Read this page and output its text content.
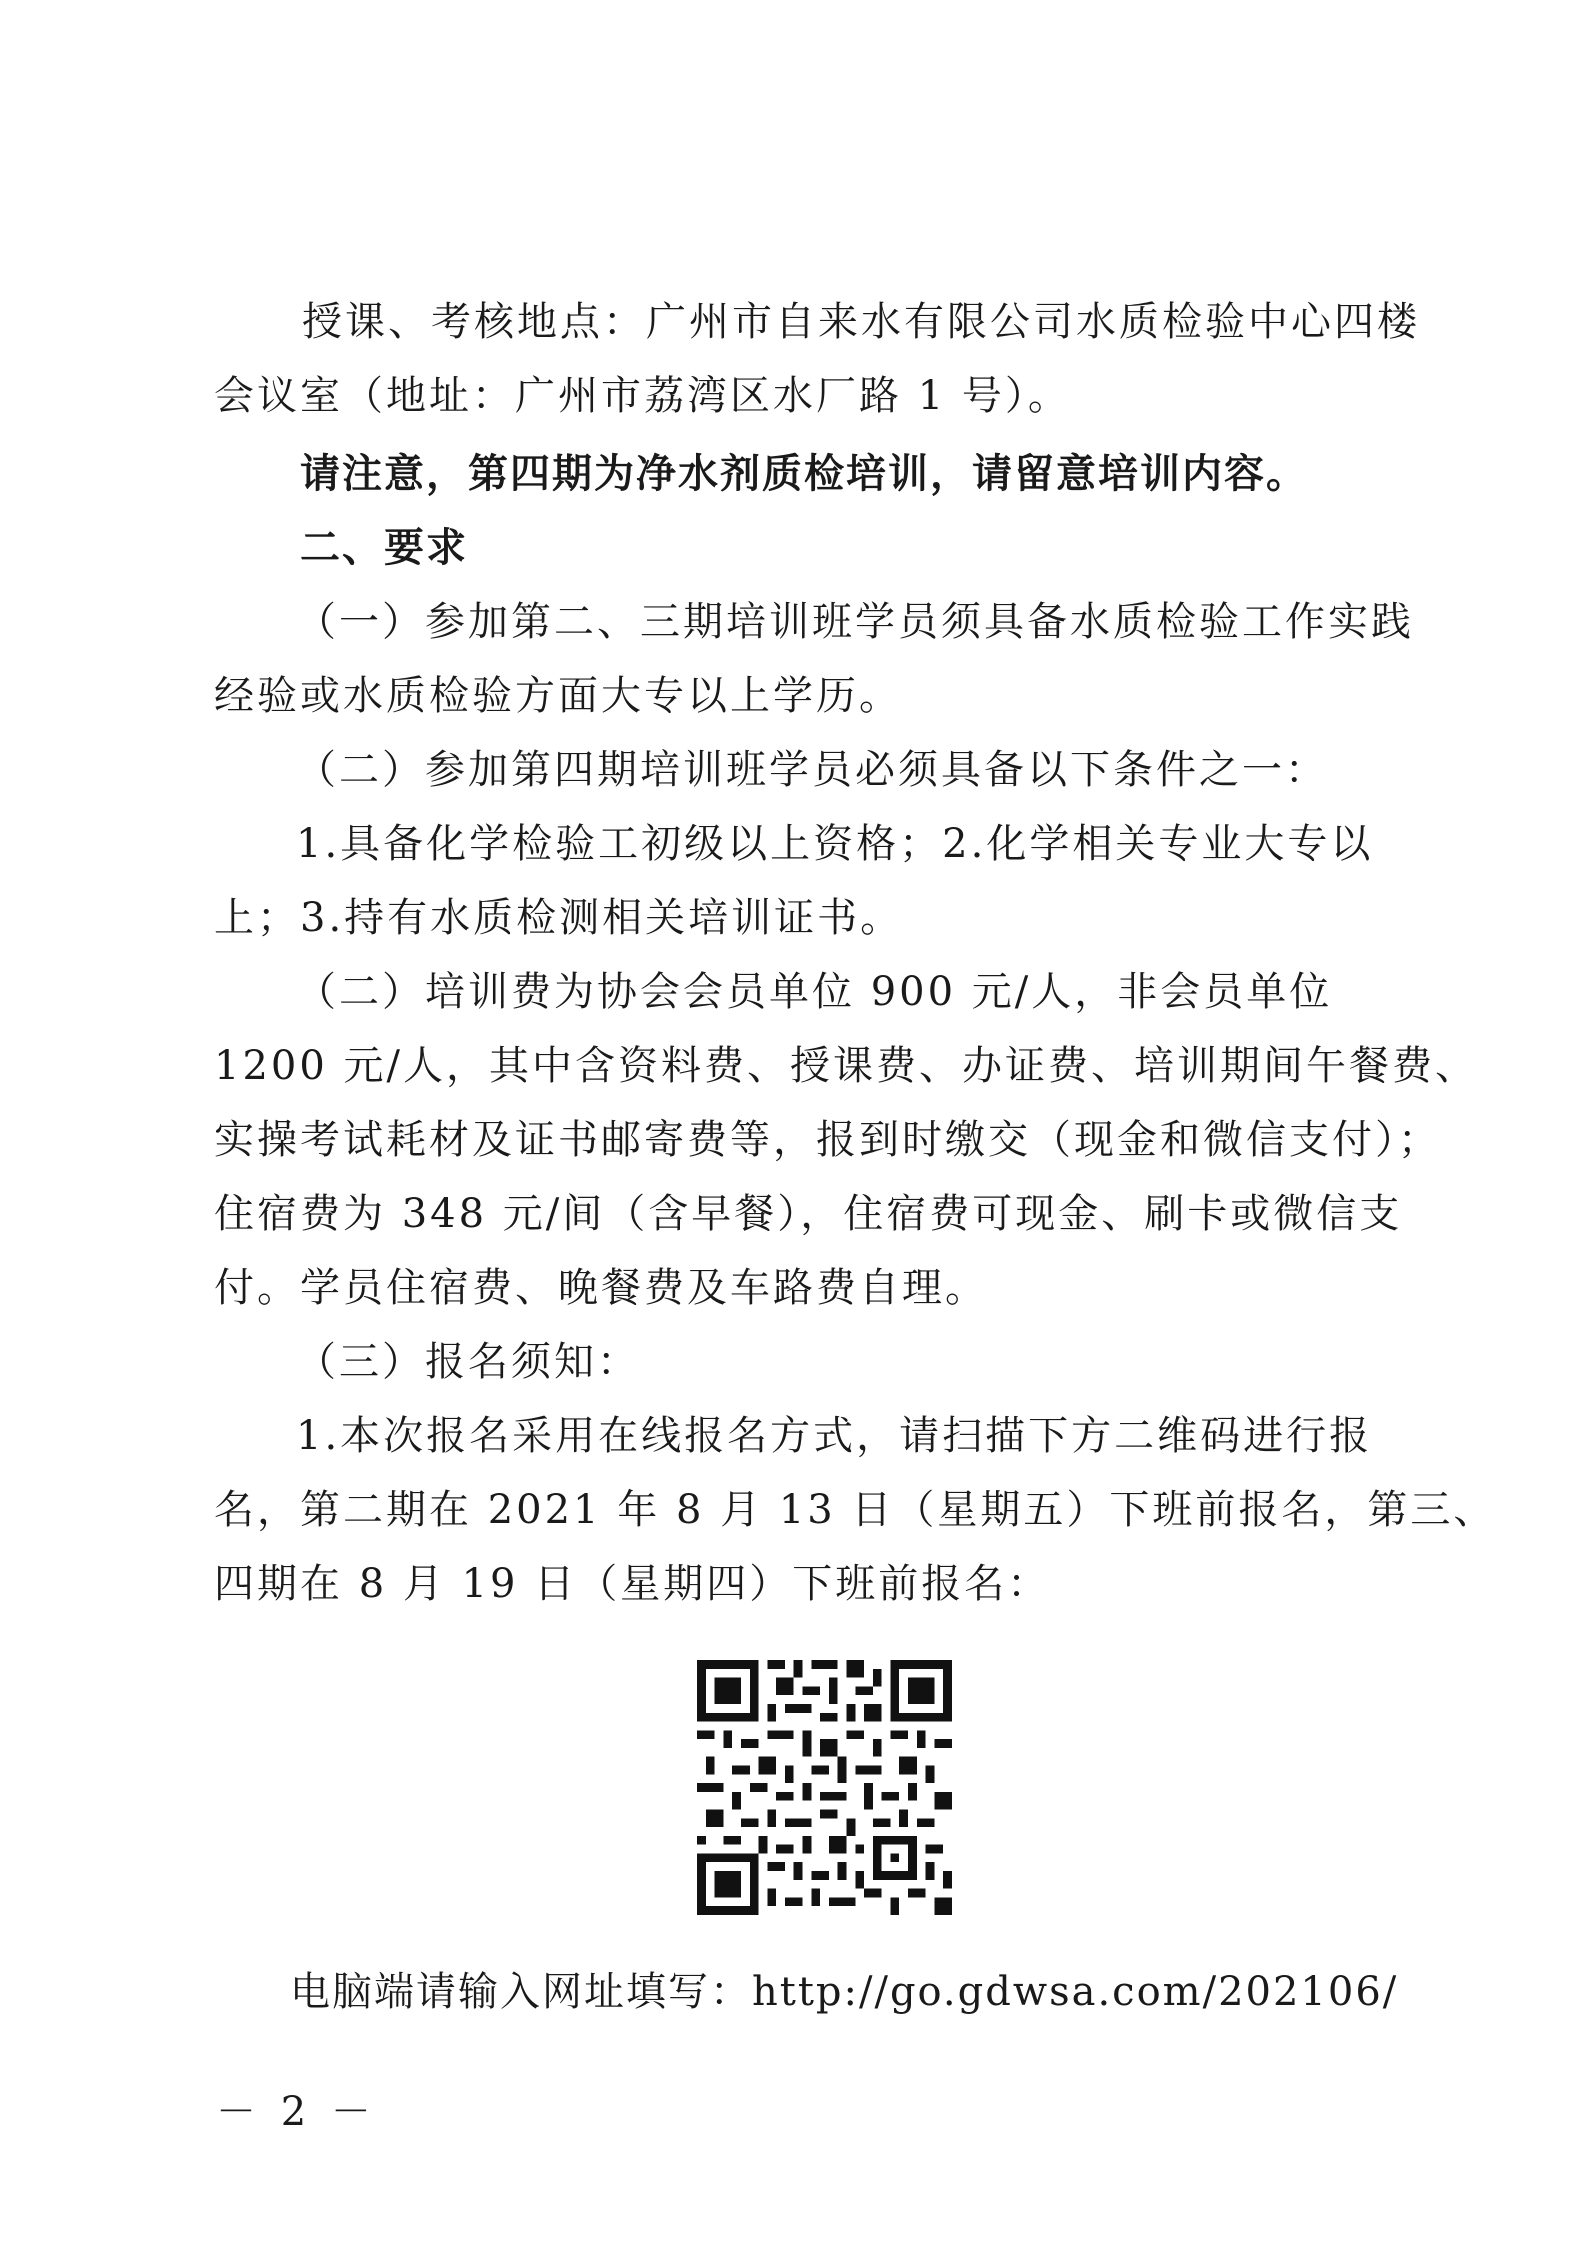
授课、考核地点：广州市自来水有限公司水质检验中心四楼
会议室（地址：广州市荔湾区水厂路 1 号）。
请注意，第四期为净水剂质检培训，请留意培训内容。
二、要求
（一）参加第二、三期培训班学员须具备水质检验工作实践
经验或水质检验方面大专以上学历。
（二）参加第四期培训班学员必须具备以下条件之一：
1.具备化学检验工初级以上资格；2.化学相关专业大专以
上；3.持有水质检测相关培训证书。
（二）培训费为协会会员单位 900 元/人，非会员单位
1200 元/人，其中含资料费、授课费、办证费、培训期间午餐费、
实操考试耗材及证书邮寄费等，报到时缴交（现金和微信支付）；
住宿费为 348 元/间（含早餐），住宿费可现金、刷卡或微信支
付。学员住宿费、晚餐费及车路费自理。
（三）报名须知：
1.本次报名采用在线报名方式，请扫描下方二维码进行报
名，第二期在 2021 年 8 月 13 日（星期五）下班前报名，第三、
四期在 8 月 19 日（星期四）下班前报名：
电脑端请输入网址填写：http://go.gdwsa.com/202106/
－ 2 －
